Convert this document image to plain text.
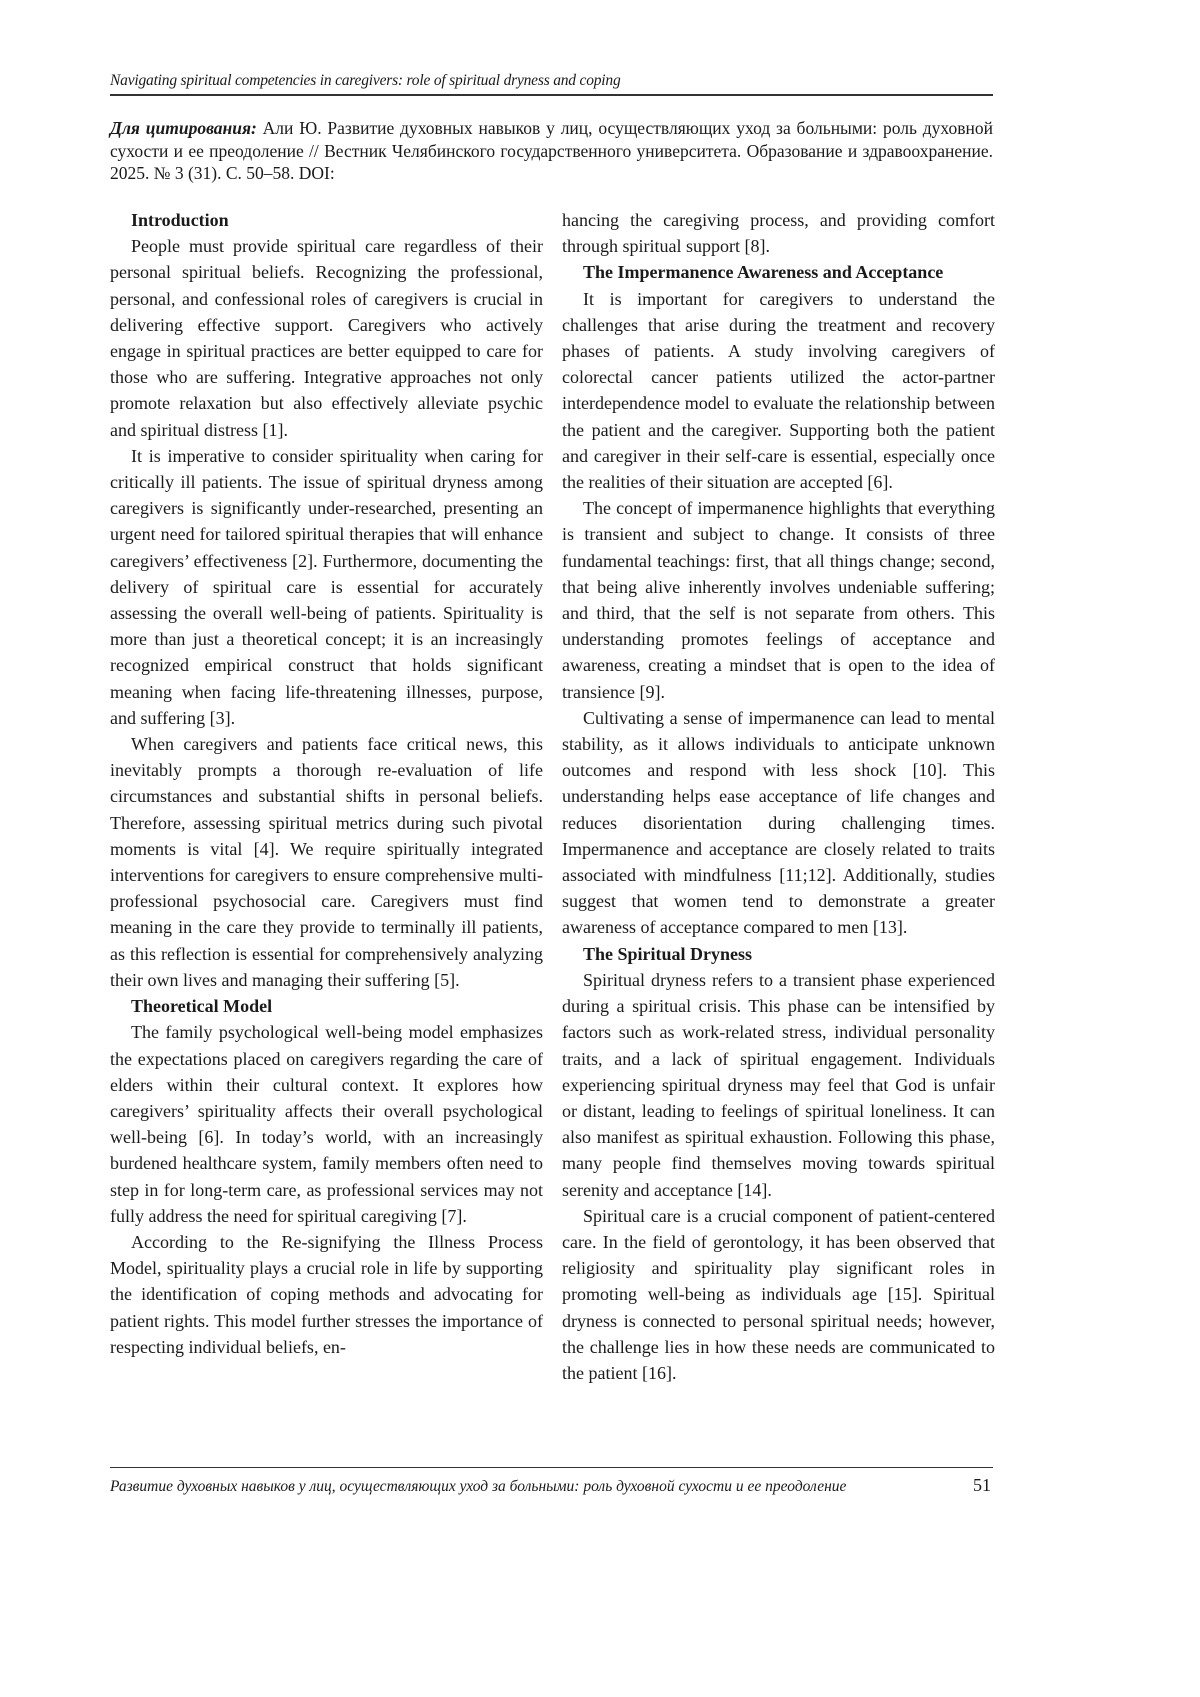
Navigating spiritual competencies in caregivers: role of spiritual dryness and coping
Для цитирования: Али Ю. Развитие духовных навыков у лиц, осуществляющих уход за больными: роль духовной сухости и ее преодоление // Вестник Челябинского государственного университета. Образование и здравоохранение. 2025. № 3 (31). С. 50–58. DOI:
Introduction

People must provide spiritual care regardless of their personal spiritual beliefs. Recognizing the professional, personal, and confessional roles of caregivers is crucial in delivering effective support. Caregivers who actively engage in spiritual practices are better equipped to care for those who are suffering. Integrative approaches not only promote relaxation but also effectively alleviate psychic and spiritual distress [1].

It is imperative to consider spirituality when caring for critically ill patients. The issue of spiritual dryness among caregivers is significantly under-researched, presenting an urgent need for tailored spiritual therapies that will enhance caregivers’ effectiveness [2]. Furthermore, documenting the delivery of spiritual care is essential for accurately assessing the overall well-being of patients. Spirituality is more than just a theoretical concept; it is an increasingly recognized empirical construct that holds significant meaning when facing life-threatening illnesses, purpose, and suffering [3].

When caregivers and patients face critical news, this inevitably prompts a thorough re-evaluation of life circumstances and substantial shifts in personal beliefs. Therefore, assessing spiritual metrics during such pivotal moments is vital [4]. We require spiritually integrated interventions for caregivers to ensure comprehensive multi-professional psychosocial care. Caregivers must find meaning in the care they provide to terminally ill patients, as this reflection is essential for comprehensively analyzing their own lives and managing their suffering [5].

Theoretical Model

The family psychological well-being model emphasizes the expectations placed on caregivers regarding the care of elders within their cultural context. It explores how caregivers’ spirituality affects their overall psychological well-being [6]. In today’s world, with an increasingly burdened healthcare system, family members often need to step in for long-term care, as professional services may not fully address the need for spiritual caregiving [7].

According to the Re-signifying the Illness Process Model, spirituality plays a crucial role in life by supporting the identification of coping methods and advocating for patient rights. This model further stresses the importance of respecting individual beliefs, en-

hancing the caregiving process, and providing comfort through spiritual support [8].

The Impermanence Awareness and Acceptance

It is important for caregivers to understand the challenges that arise during the treatment and recovery phases of patients. A study involving caregivers of colorectal cancer patients utilized the actor-partner interdependence model to evaluate the relationship between the patient and the caregiver. Supporting both the patient and caregiver in their self-care is essential, especially once the realities of their situation are accepted [6].

The concept of impermanence highlights that everything is transient and subject to change. It consists of three fundamental teachings: first, that all things change; second, that being alive inherently involves undeniable suffering; and third, that the self is not separate from others. This understanding promotes feelings of acceptance and awareness, creating a mindset that is open to the idea of transience [9].

Cultivating a sense of impermanence can lead to mental stability, as it allows individuals to anticipate unknown outcomes and respond with less shock [10]. This understanding helps ease acceptance of life changes and reduces disorientation during challenging times. Impermanence and acceptance are closely related to traits associated with mindfulness [11;12]. Additionally, studies suggest that women tend to demonstrate a greater awareness of acceptance compared to men [13].

The Spiritual Dryness

Spiritual dryness refers to a transient phase experienced during a spiritual crisis. This phase can be intensified by factors such as work-related stress, individual personality traits, and a lack of spiritual engagement. Individuals experiencing spiritual dryness may feel that God is unfair or distant, leading to feelings of spiritual loneliness. It can also manifest as spiritual exhaustion. Following this phase, many people find themselves moving towards spiritual serenity and acceptance [14].

Spiritual care is a crucial component of patient-centered care. In the field of gerontology, it has been observed that religiosity and spirituality play significant roles in promoting well-being as individuals age [15]. Spiritual dryness is connected to personal spiritual needs; however, the challenge lies in how these needs are communicated to the patient [16].

Развитие духовных навыков у лиц, осуществляющих уход за больными: роль духовной сухости и ее преодоление	51
